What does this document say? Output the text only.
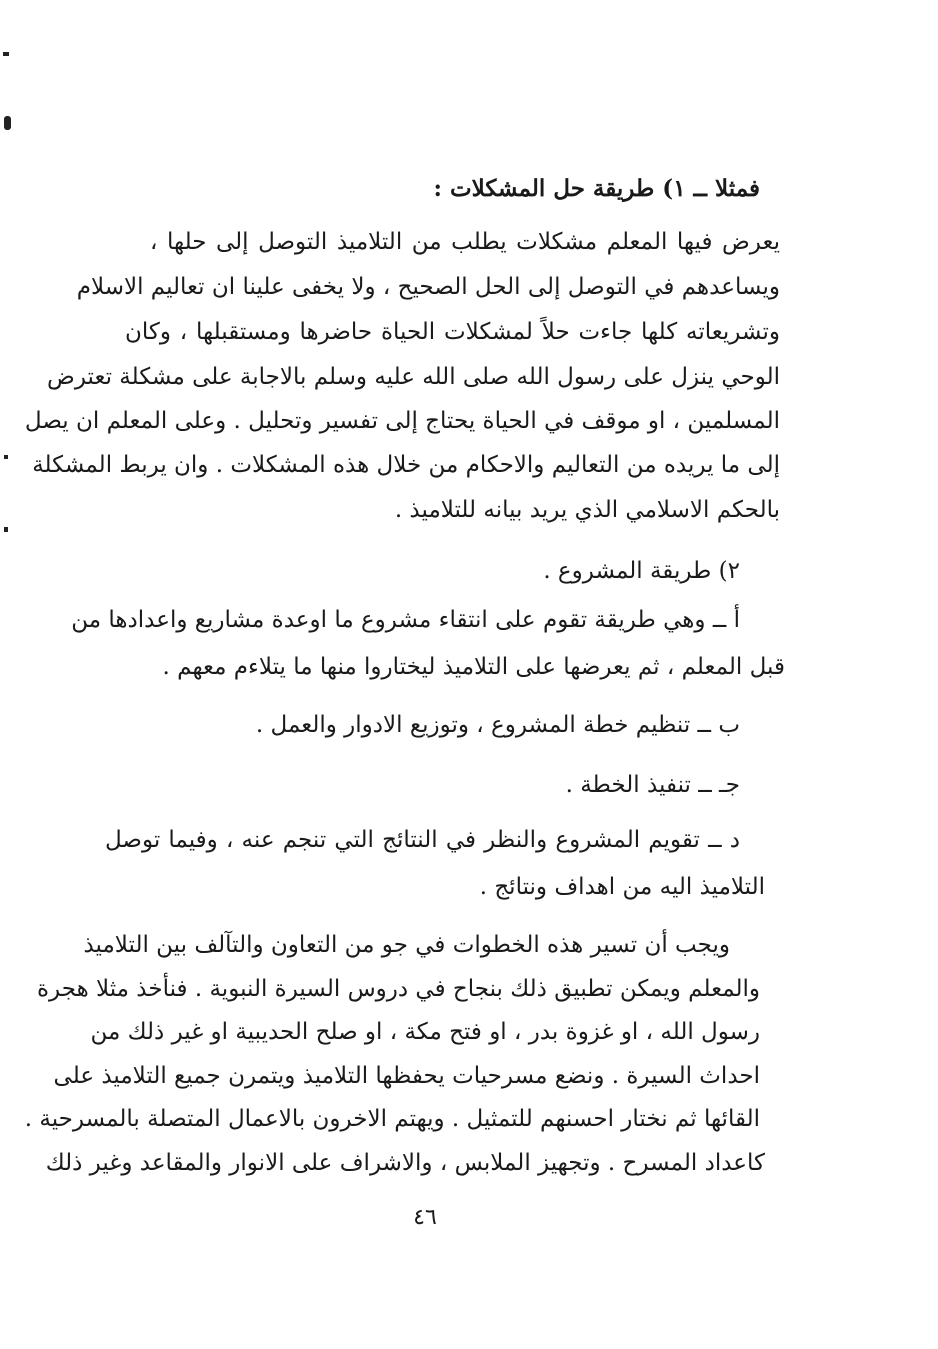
فمثلا ــ ١) طريقة حل المشكلات :
يعرض فيها المعلم مشكلات يطلب من التلاميذ التوصل إلى حلها ،
ويساعدهم في التوصل إلى الحل الصحيح ، ولا يخفى علينا ان تعاليم الاسلام
وتشريعاته كلها جاءت حلاً لمشكلات الحياة حاضرها ومستقبلها ، وكان
الوحي ينزل على رسول الله صلى الله عليه وسلم بالاجابة على مشكلة تعترض
المسلمين ، او موقف في الحياة يحتاج إلى تفسير وتحليل . وعلى المعلم ان يصل
إلى ما يريده من التعاليم والاحكام من خلال هذه المشكلات . وان يربط المشكلة
بالحكم الاسلامي الذي يريد بيانه للتلاميذ .
٢) طريقة المشروع .
أ ــ وهي طريقة تقوم على انتقاء مشروع ما اوعدة مشاريع واعدادها من
قبل المعلم ، ثم يعرضها على التلاميذ ليختاروا منها ما يتلاءم معهم .
ب ــ تنظيم خطة المشروع ، وتوزيع الادوار والعمل .
جـ ــ تنفيذ الخطة .
د ــ تقويم المشروع والنظر في النتائج التي تنجم عنه ، وفيما توصل
التلاميذ اليه من اهداف ونتائج .
ويجب أن تسير هذه الخطوات في جو من التعاون والتآلف بين التلاميذ
والمعلم ويمكن تطبيق ذلك بنجاح في دروس السيرة النبوية . فنأخذ مثلا هجرة
رسول الله ، او غزوة بدر ، او فتح مكة ، او صلح الحديبية او غير ذلك من
احداث السيرة . ونضع مسرحيات يحفظها التلاميذ ويتمرن جميع التلاميذ على
القائها ثم نختار احسنهم للتمثيل . ويهتم الاخرون بالاعمال المتصلة بالمسرحية .
كاعداد المسرح . وتجهيز الملابس ، والاشراف على الانوار والمقاعد وغير ذلك
٤٦
